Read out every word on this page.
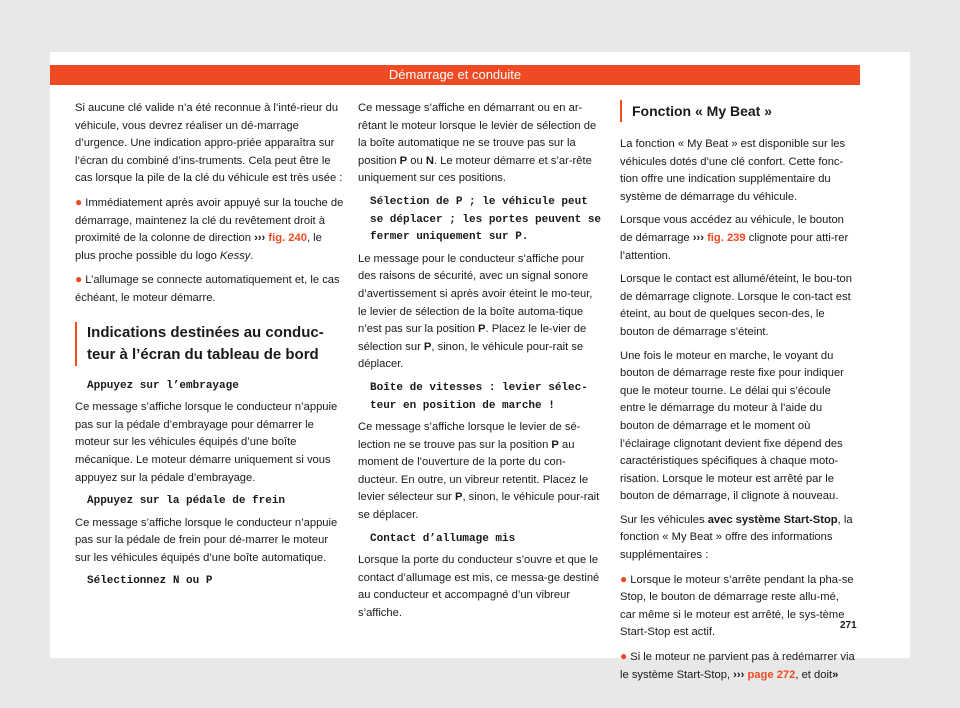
Démarrage et conduite
Si aucune clé valide n’a été reconnue à l’inté-rieur du véhicule, vous devrez réaliser un dé-marrage d’urgence. Une indication appro-priée apparaîtra sur l’écran du combiné d’ins-truments. Cela peut être le cas lorsque la pile de la clé du véhicule est très usée :
● Immédiatement après avoir appuyé sur la touche de démarrage, maintenez la clé du revêtement droit à proximité de la colonne de direction ››› fig. 240, le plus proche possible du logo Kessy.
● L’allumage se connecte automatiquement et, le cas échéant, le moteur démarre.
Indications destinées au conduc-teur à l’écran du tableau de bord
Appuyez sur l’embrayage
Ce message s’affiche lorsque le conducteur n’appuie pas sur la pédale d’embrayage pour démarrer le moteur sur les véhicules équipés d’une boîte mécanique. Le moteur démarre uniquement si vous appuyez sur la pédale d’embrayage.
Appuyez sur la pédale de frein
Ce message s’affiche lorsque le conducteur n’appuie pas sur la pédale de frein pour dé-marrer le moteur sur les véhicules équipés d’une boîte automatique.
Sélectionnez N ou P
Ce message s’affiche en démarrant ou en ar-rêtant le moteur lorsque le levier de sélection de la boîte automatique ne se trouve pas sur la position P ou N. Le moteur démarre et s’ar-rête uniquement sur ces positions.
Sélection de P ; le véhicule peut se déplacer ; les portes peuvent se fermer uniquement sur P.
Le message pour le conducteur s’affiche pour des raisons de sécurité, avec un signal sonore d’avertissement si après avoir éteint le mo-teur, le levier de sélection de la boîte automa-tique n’est pas sur la position P. Placez le le-vier de sélection sur P, sinon, le véhicule pour-rait se déplacer.
Boîte de vitesses : levier sélec-teur en position de marche !
Ce message s’affiche lorsque le levier de sé-lection ne se trouve pas sur la position P au moment de l’ouverture de la porte du con-ducteur. En outre, un vibreur retentit. Placez le levier sélecteur sur P, sinon, le véhicule pour-rait se déplacer.
Contact d’allumage mis
Lorsque la porte du conducteur s’ouvre et que le contact d’allumage est mis, ce messa-ge destiné au conducteur et accompagné d’un vibreur s’affiche.
Fonction « My Beat »
La fonction « My Beat » est disponible sur les véhicules dotés d’une clé confort. Cette fonc-tion offre une indication supplémentaire du système de démarrage du véhicule.
Lorsque vous accédez au véhicule, le bouton de démarrage ››› fig. 239 clignote pour atti-rer l’attention.
Lorsque le contact est allumé/éteint, le bou-ton de démarrage clignote. Lorsque le con-tact est éteint, au bout de quelques secon-des, le bouton de démarrage s’éteint.
Une fois le moteur en marche, le voyant du bouton de démarrage reste fixe pour indiquer que le moteur tourne. Le délai qui s’écoule entre le démarrage du moteur à l’aide du bouton de démarrage et le moment où l’éclairage clignotant devient fixe dépend des caractéristiques spécifiques à chaque moto-risation. Lorsque le moteur est arrêté par le bouton de démarrage, il clignote à nouveau.
Sur les véhicules avec système Start-Stop, la fonction « My Beat » offre des informations supplémentaires :
● Lorsque le moteur s’arrête pendant la pha-se Stop, le bouton de démarrage reste allu-mé, car même si le moteur est arrêté, le sys-tème Start-Stop est actif.
● Si le moteur ne parvient pas à redémarrer via le système Start-Stop, ››› page 272, et doit»
271
